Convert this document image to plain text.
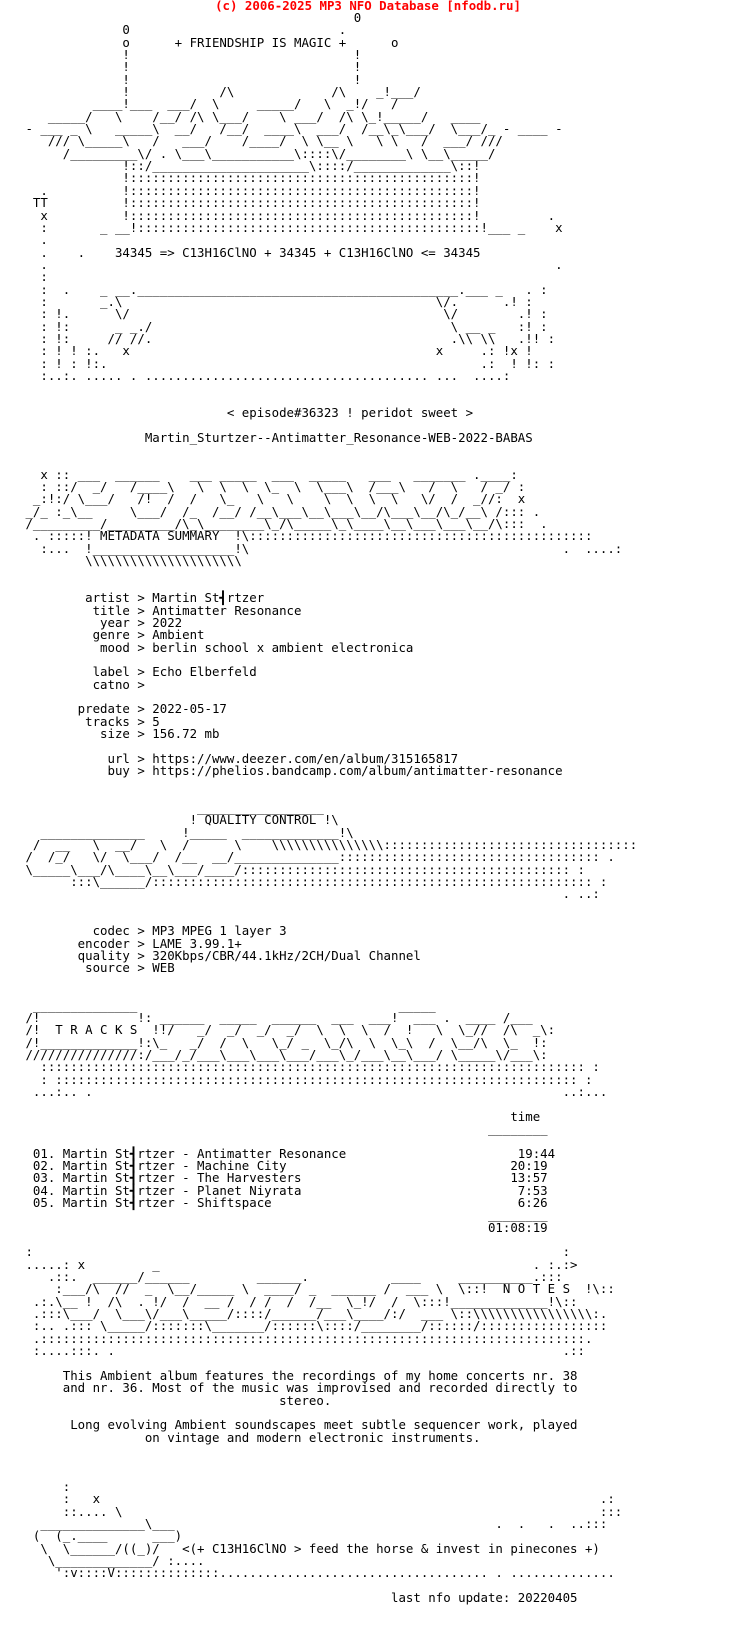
(c) 2006-2025 MP3 NFO Database [nfodb.ru]
0
0                            .
o      + FRIENDSHIP IS MAGIC +      o
!                              !
!                              !
!                              !
!            /\             /\    _!___/
____!___  ___/  \     _____/   \  _!/   /
_____/   \    /__/ /\ \___/    \ ___/  /\ \_!_____/   ____
- ___ _ \   _____\  __/   /__/  ____\  ___/  /__\_\___/  \___/_ - ____ -
/// \_____\   /   ___/    /____/  \ \__ \   \ \   /  ___/ ///
/_________\/ . \___\___________\::::\/________\ \__\_____/
!::/_____________________\::::/_____________\::!
!::::::::::::::::::::::::::::::::::::::::::::::!
.          !::::::::::::::::::::::::::::::::::::::::::::::!
TT          !::::::::::::::::::::::::::::::::::::::::::::::!
x          !::::::::::::::::::::::::::::::::::::::::::::::!         .
:       _ __!::::::::::::::::::::::::::::::::::::::::::::::!___ _    x
.
.    .    34345 => C13H16ClNO + 34345 + C13H16ClNO <= 34345
.                                                                    .
:
:  .    _ __.___________________________________________.___ _   . :
:       _.\                                          \/.      .! :
: !.      \/                                          \/        .! :
: !:      _ _./                                        \ __ _   :! :
: !:     // //.                                        .\\ \\   .!! :
: ! ! :.   x                                         x     .: !x !
: ! : !:.                                                  .:  ! !: :
:..:. ..... . ...................................... ...  ....:
< episode#36323 ! peridot sweet >
Martin_Sturtzer--Antimatter_Resonance-WEB-2022-BABAS
x :: ___  ______    ___ _____  ___  _____   ___   _______ .____:
: ::/  _/   /____\   \  \  \  \_  \  \___\  /___\   /  \   / _/ :
_:!:/ \___/   /!  /  /   \_   \   \    \  \  \  \   \/  /  _//:  x
_/_ :_\__     \___/  /_  /__/ /__\___\__\___\__/\___\__/\_/__\ /::: .
/_________/_________/\_\________\_/\_____\_\____\__\___\___\__/\:::  .
. :::::! METADATA SUMMARY  !\::::::::::::::::::::::::::::::::::::::::::::::
:...  !___________________!\                                          .  ....:
\\\\\\\\\\\\\\\\\\\\\
artist > Martin St┫rtzer
title > Antimatter Resonance
year > 2022
genre > Ambient
mood > berlin school x ambient electronica
label > Echo Elberfeld
catno >
predate > 2022-05-17
tracks > 5
size > 156.72 mb
url > https://www.deezer.com/en/album/315165817
buy > https://phelios.bandcamp.com/album/antimatter-resonance
_________________
! QUALITY CONTROL !\
______________     !_____  _____________!\
/  __   \  __/   \  /      \    \\\\\\\\\\\\\\\::::::::::::::::::::::::::::::::::
/  /_/   \/  \___/  /__  __/______________::::::::::::::::::::::::::::::::::: .
\_____\___/\____\__\___/____/:::::::::::::::::::::::::::::::::::::::::::: :
:::\______/::::::::::::::::::::::::::::::::::::::::::::::::::::::::::: :
. ..:
codec > MP3 MPEG 1 layer 3
encoder > LAME 3.99.1+
quality > 320Kbps/CBR/44.1kHz/2CH/Dual Channel
source > WEB
______________                                   _____
/!             !: ______  _____  ______  ___  ___!  ___ .  ____ /___
/!  T R A C K S  !!/   _/  _/  _/  _/  \  \  \  /  !   \  \_//  /\  _\:
/!_____________!:\_   _/  /  \   \_/ _  \_/\  \  \_\  /  \__/\  \_  !:
///////////////:/___/_/___\___\___\___/___\_/___\__\___/ \_____\/___\:
::::::::::::::::::::::::::::::::::::::::::::::::::::::::::::::::::::::::: :
: :::::::::::::::::::::::::::::::::::::::::::::::::::::::::::::::::::::: :
...:.. .                                                               ..:...
time
________
01. Martin St┫rtzer - Antimatter Resonance                       19:44
02. Martin St┫rtzer - Machine City                              20:19
03. Martin St┫rtzer - The Harvesters                            13:57
04. Martin St┫rtzer - Planet Niyrata                             7:53
05. Martin St┫rtzer - Shiftspace                                 6:26
________
01:08:19
:                                                                       :
.....: x         _                                                  . :.:>
.::.  ______/______         ______.           ____     __________.:::
:___/\  //  _  \__/_____ \  ____/ _  ______ /  ___ \  \::!  N O T E S  !\::
.:.\__ !  /\  . !/  /  __ /  / /  /  /__  \_!/  /  \:::!_____________!\::
.:::\___/  \___\/___\_____/::::/______/___\____/:/  ___ \::\\\\\\\\\\\\\\\\:.
:.. .::: \_____/:::::::\_______/::::::\::::/________/::::::/:::::::::::::::::
.:::::::::::::::::::::::::::::::::::::::::::::::::::::::::::::::::::::::::.
:....:::. .                                                            .::
This Ambient album features the recordings of my home concerts nr. 38
and nr. 36. Most of the music was improvised and recorded directly to
stereo.
Long evolving Ambient soundscapes meet subtle sequencer work, played
on vintage and modern electronic instruments.
:
:   x                                                                   .:
::.... \                                                                :::
______________\___                                           .  .   .  ..:::
(  (_.____      ___)
\  \______/((_)/   <(+ C13H16ClNO > feed the horse & invest in pinecones +)
\_____________/ :....
':v::::V::::::::::::::.................................... . ..............
last nfo update: 20220405
